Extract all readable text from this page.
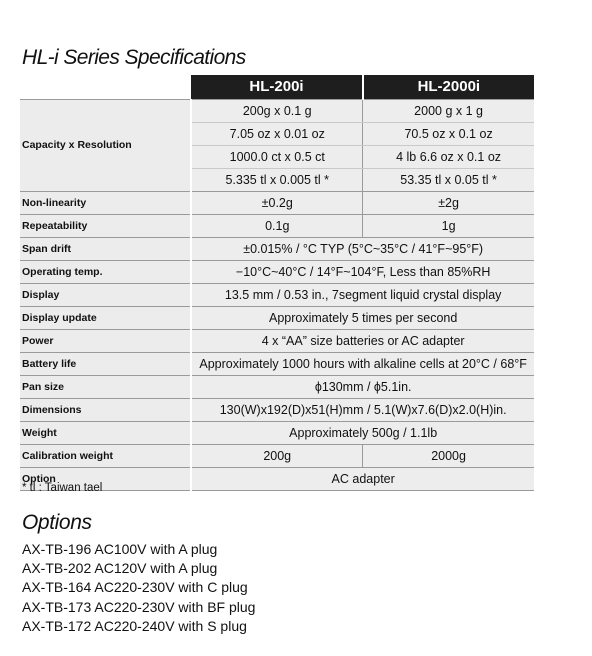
HL-i Series Specifications
	HL-200i	HL-2000i
Capacity x Resolution	200g x 0.1 g	2000 g x 1 g
	7.05 oz x 0.01 oz	70.5 oz x 0.1 oz
	1000.0 ct x 0.5 ct	4 lb 6.6 oz x 0.1 oz
	5.335 tl x 0.005 tl *	53.35 tl x 0.05 tl *
Non-linearity	±0.2g	±2g
Repeatability	0.1g	1g
Span drift	±0.015% / °C TYP (5°C~35°C / 41°F~95°F)	
Operating temp.	−10°C~40°C / 14°F~104°F, Less than 85%RH	
Display	13.5 mm / 0.53 in., 7segment liquid crystal display	
Display update	Approximately 5 times per second	
Power	4 x “AA” size batteries or AC adapter	
Battery life	Approximately 1000 hours with alkaline cells at 20°C / 68°F	
Pan size	ϕ130mm / ϕ5.1in.	
Dimensions	130(W)x192(D)x51(H)mm / 5.1(W)x7.6(D)x2.0(H)in.	
Weight	Approximately 500g / 1.1lb	
Calibration weight	200g	2000g
Option	AC adapter	
* tl : Taiwan tael
Options
AX-TB-196 AC100V with A plug
AX-TB-202 AC120V with A plug
AX-TB-164 AC220-230V with C plug
AX-TB-173 AC220-230V with BF plug
AX-TB-172 AC220-240V with S plug
